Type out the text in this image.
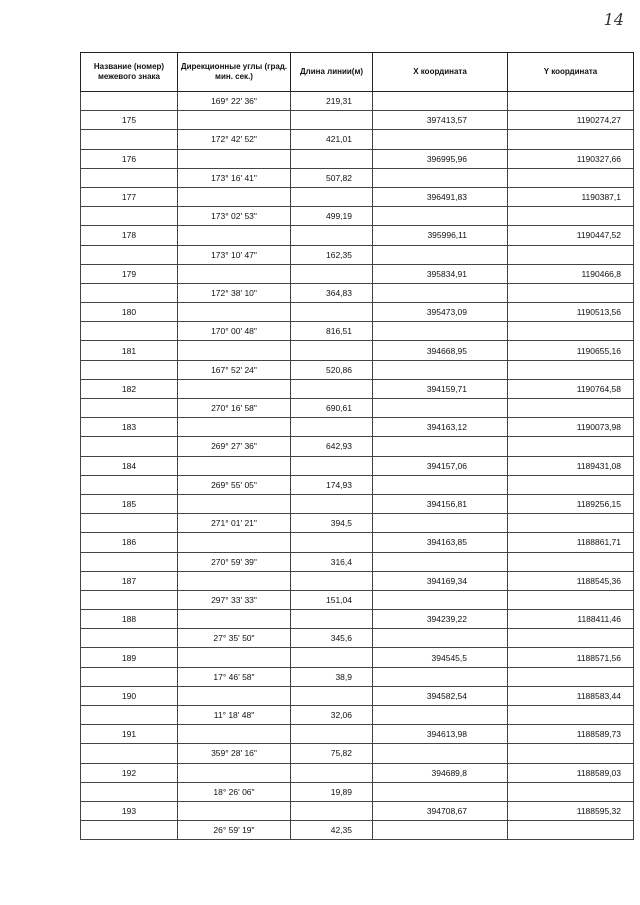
14
Название (номер) межевого знака	Дирекционные углы (град. мин. сек.)	Длина линии(м)	X координата	Y координата
	169° 22' 36"	219,31		
175			397413,57	1190274,27
	172° 42' 52"	421,01		
176			396995,96	1190327,66
	173° 16' 41"	507,82		
177			396491,83	1190387,1
	173° 02' 53"	499,19		
178			395996,11	1190447,52
	173° 10' 47"	162,35		
179			395834,91	1190466,8
	172° 38' 10"	364,83		
180			395473,09	1190513,56
	170° 00' 48"	816,51		
181			394668,95	1190655,16
	167° 52' 24"	520,86		
182			394159,71	1190764,58
	270° 16' 58"	690,61		
183			394163,12	1190073,98
	269° 27' 36"	642,93		
184			394157,06	1189431,08
	269° 55' 05"	174,93		
185			394156,81	1189256,15
	271° 01' 21"	394,5		
186			394163,85	1188861,71
	270° 59' 39"	316,4		
187			394169,34	1188545,36
	297° 33' 33"	151,04		
188			394239,22	1188411,46
	27° 35' 50"	345,6		
189			394545,5	1188571,56
	17° 46' 58"	38,9		
190			394582,54	1188583,44
	11° 18' 48"	32,06		
191			394613,98	1188589,73
	359° 28' 16"	75,82		
192			394689,8	1188589,03
	18° 26' 06"	19,89		
193			394708,67	1188595,32
	26° 59' 19"	42,35		
